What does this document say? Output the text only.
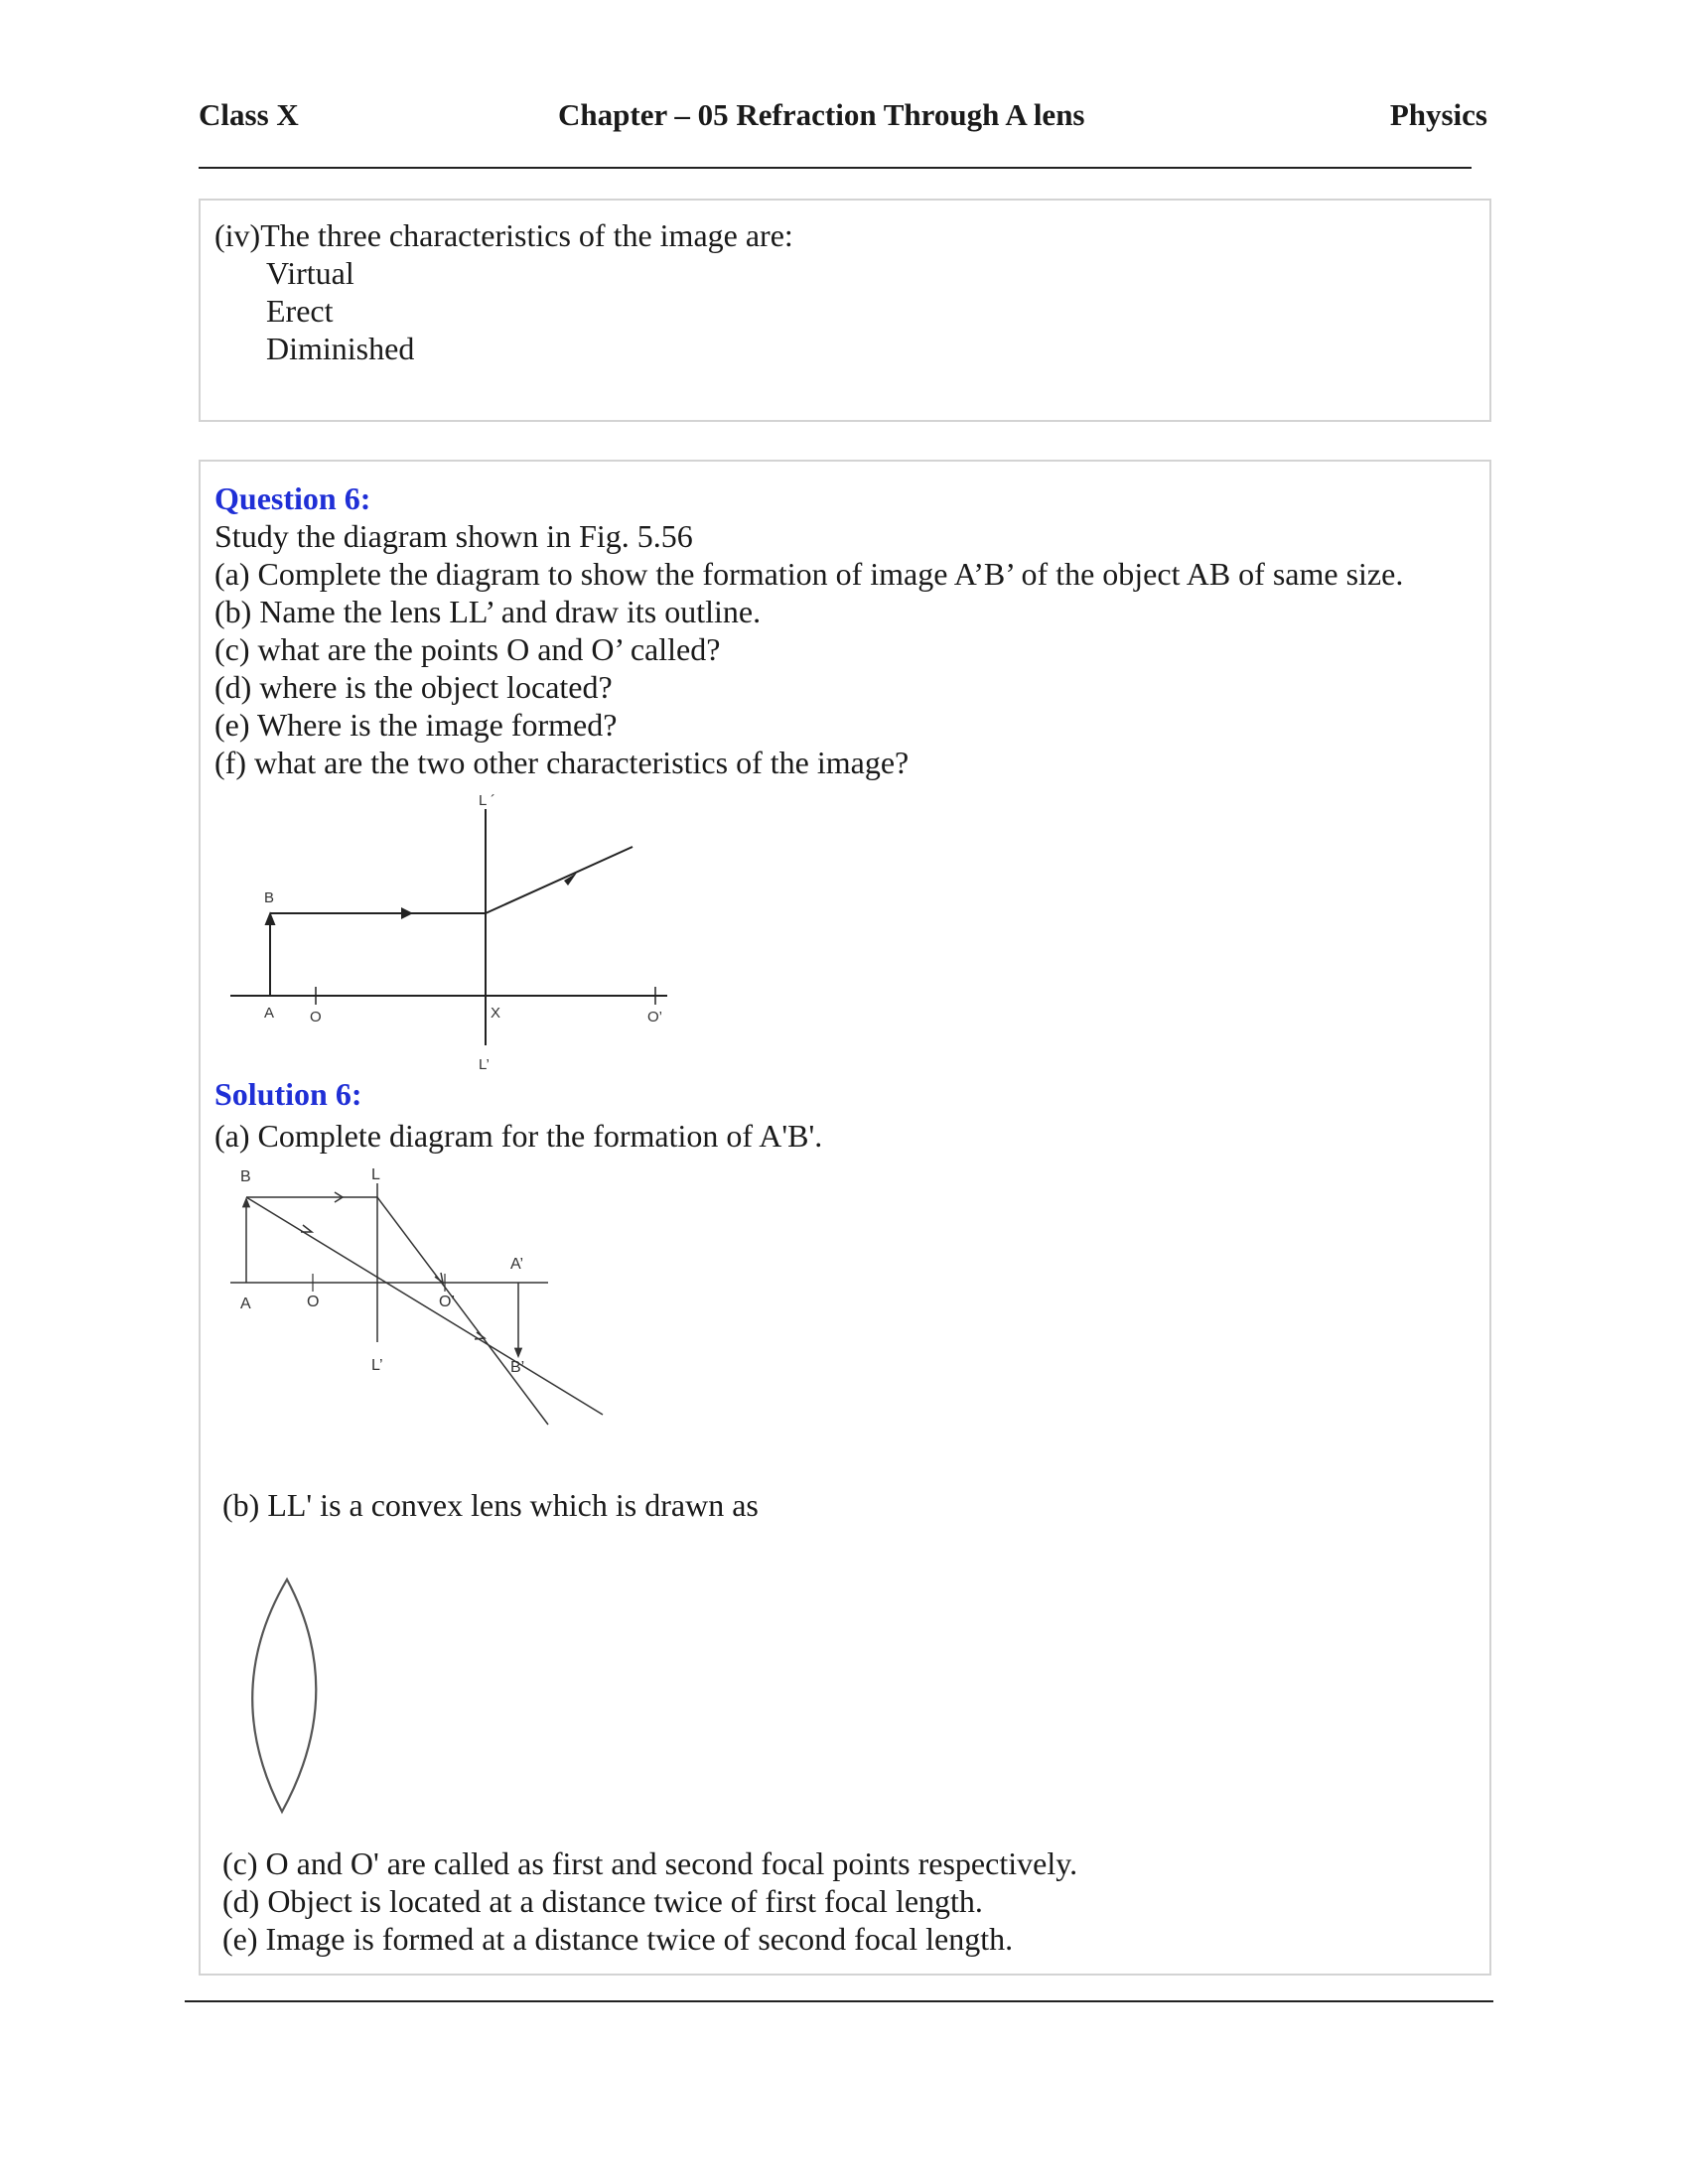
Class X	Chapter – 05 Refraction Through A lens	Physics
(iv)The three characteristics of the image are:
Virtual
Erect
Diminished
Question 6:
Study the diagram shown in Fig. 5.56
(a) Complete the diagram to show the formation of image A’B’ of the object AB of same size.
(b) Name the lens LL’ and draw its outline.
(c) what are the points O and O’ called?
(d) where is the object located?
(e) Where is the image formed?
(f) what are the two other characteristics of the image?
L ´
B
A O	X	O’
L’
Solution 6:
(a) Complete diagram for the formation of A'B'.
B	L
A’
A	O	O’
L’	B’
(b) LL' is a convex lens which is drawn as
(c) O and O' are called as first and second focal points respectively.
(d) Object is located at a distance twice of first focal length.
(e) Image is formed at a distance twice of second focal length.
